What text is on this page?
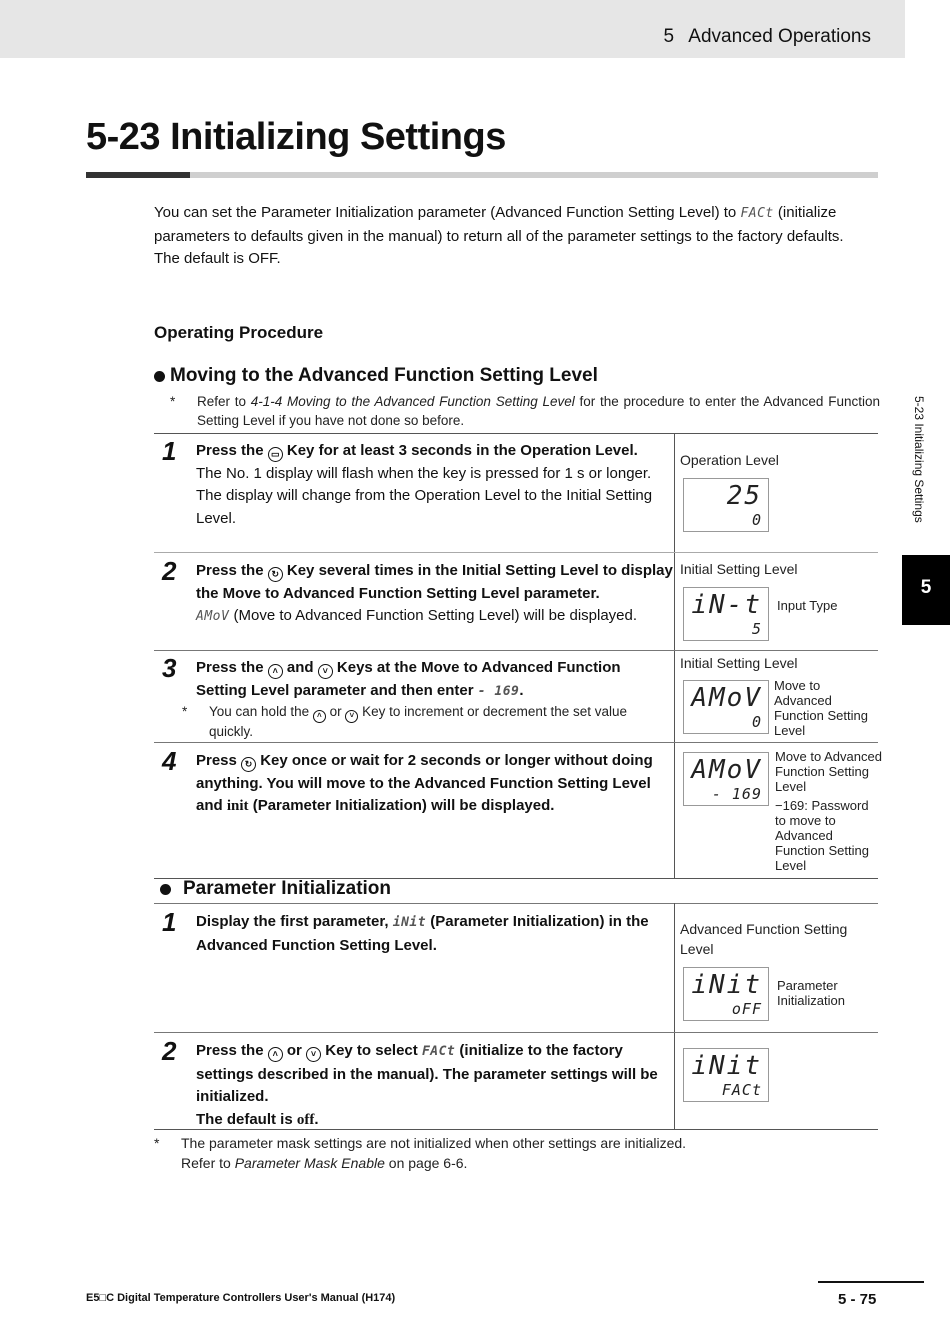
5 Advanced Operations
5-23 Initializing Settings
You can set the Parameter Initialization parameter (Advanced Function Setting Level) to FACt (initialize parameters to defaults given in the manual) to return all of the parameter settings to the factory defaults.
The default is OFF.
Operating Procedure
Moving to the Advanced Function Setting Level
*	Refer to 4-1-4 Moving to the Advanced Function Setting Level for the procedure to enter the Advanced Function Setting Level if you have not done so before.
1 Press the ▭ Key for at least 3 seconds in the Operation Level.
The No. 1 display will flash when the key is pressed for 1 s or longer.
The display will change from the Operation Level to the Initial Setting Level.
Operation Level
25
0
2 Press the ↻ Key several times in the Initial Setting Level to display the Move to Advanced Function Setting Level parameter.
AMoV (Move to Advanced Function Setting Level) will be displayed.
Initial Setting Level
iN-t
5
Input Type
3 Press the ˄ and ˅ Keys at the Move to Advanced Function Setting Level parameter and then enter - 169.
* You can hold the ˄ or ˅ Key to increment or decrement the set value quickly.
Initial Setting Level
AMoV
0
Move to Advanced Function Setting Level
4 Press ↻ Key once or wait for 2 seconds or longer without doing anything. You will move to the Advanced Function Setting Level and init (Parameter Initialization) will be displayed.
AMoV
- 169
Move to Advanced Function Setting Level
−169: Password to move to Advanced Function Setting Level
Parameter Initialization
1 Display the first parameter, iNit (Parameter Initialization) in the Advanced Function Setting Level.
Advanced Function Setting Level
iNit
oFF
Parameter Initialization
2 Press the ˄ or ˅ Key to select FACt (initialize to the factory settings described in the manual). The parameter settings will be initialized.
The default is off.
iNit
FACt
*	The parameter mask settings are not initialized when other settings are initialized.
Refer to Parameter Mask Enable on page 6-6.
5-23 Initializing Settings
5
E5□C Digital Temperature Controllers User's Manual (H174)	5 - 75
